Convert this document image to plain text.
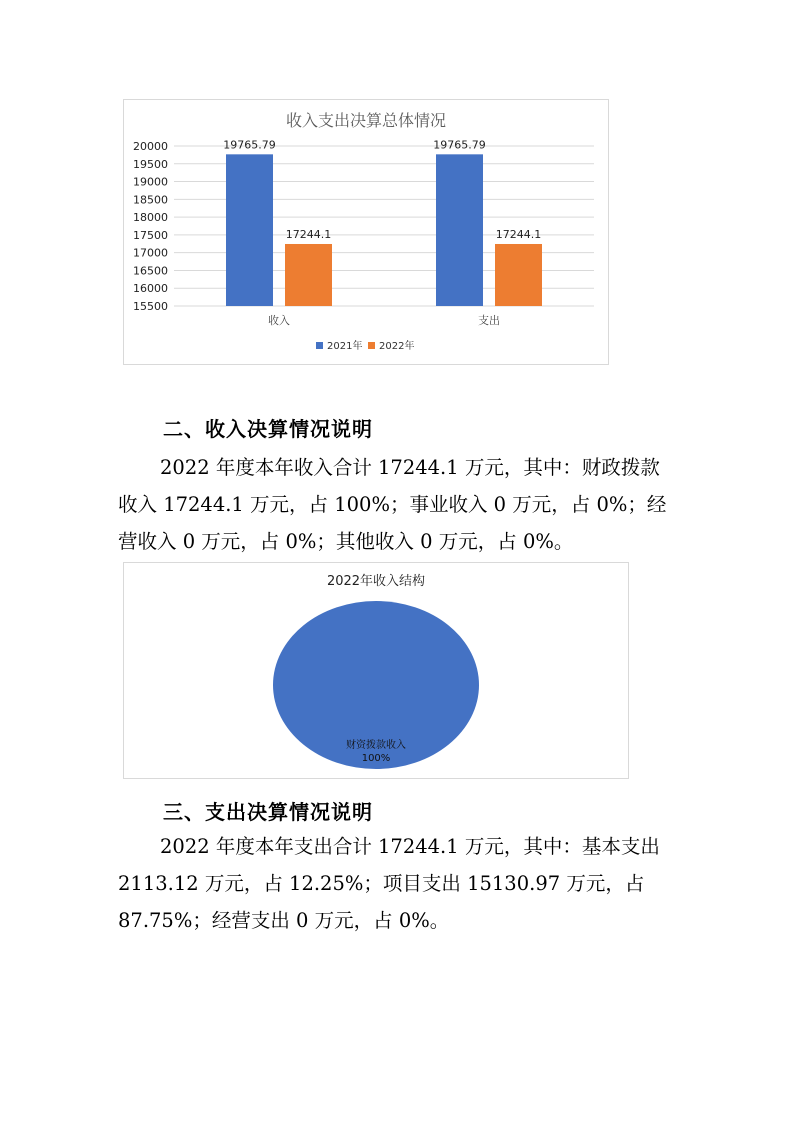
收入支出决算总体情况
15500
16000
16500
17000
17500
18000
18500
19000
19500
20000	19765.79
17244.1
19765.79
17244.1
收入	支出
2021年 2022年
二、收入决算情况说明
2022 年度本年收入合计 17244.1 万元，其中：财政拨款
收入 17244.1 万元，占 100%；事业收入 0 万元，占 0%；经
营收入 0 万元，占 0%；其他收入 0 万元，占 0%。
2022年收入结构
财资拨款收入
100%
三、支出决算情况说明
2022 年度本年支出合计 17244.1 万元，其中：基本支出
2113.12 万元，占 12.25%；项目支出 15130.97 万元，占
87.75%；经营支出 0 万元，占 0%。
